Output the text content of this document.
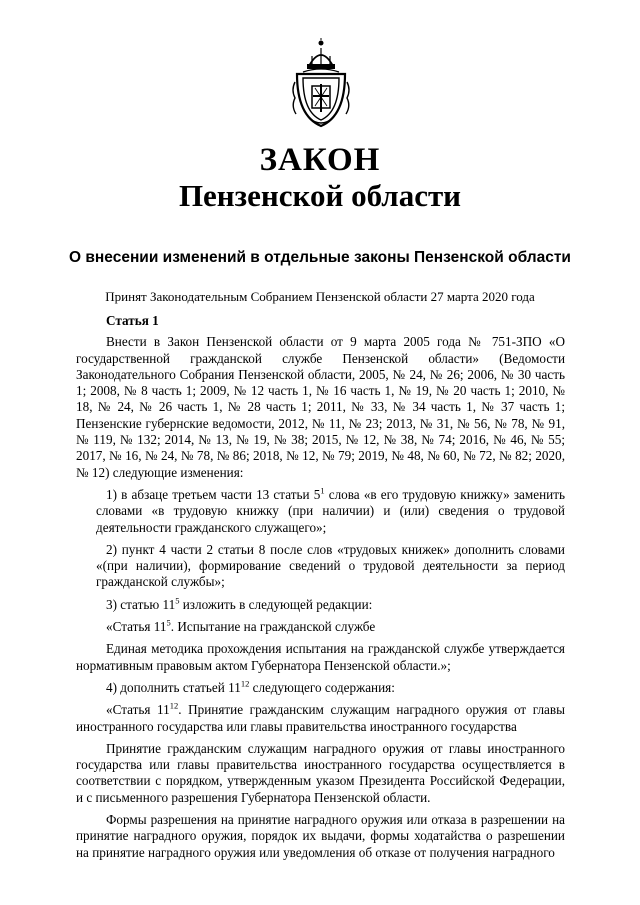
ЗАКОН
Пензенской области
О внесении изменений в отдельные законы Пензенской области
Принят Законодательным Собранием Пензенской области 27 марта 2020 года

Статья 1

Внести в Закон Пензенской области от 9 марта 2005 года № 751-ЗПО «О государственной гражданской службе Пензенской области» (Ведомости Законодательного Собрания Пензенской области, 2005, № 24, № 26; 2006, № 30 часть 1; 2008, № 8 часть 1; 2009, № 12 часть 1, № 16 часть 1, № 19, № 20 часть 1; 2010, № 18, № 24, № 26 часть 1, № 28 часть 1; 2011, № 33, № 34 часть 1, № 37 часть 1; Пензенские губернские ведомости, 2012, № 11, № 23; 2013, № 31, № 56, № 78, № 91, № 119, № 132; 2014, № 13, № 19, № 38; 2015, № 12, № 38, № 74; 2016, № 46, № 55; 2017, № 16, № 24, № 78, № 86; 2018, № 12, № 79; 2019, № 48, № 60, № 72, № 82; 2020, № 12) следующие изменения:

1) в абзаце третьем части 13 статьи $5^1$ слова «в его трудовую книжку» заменить словами «в трудовую книжку (при наличии) и (или) сведения о трудовой деятельности гражданского служащего»;

2) пункт 4 части 2 статьи 8 после слов «трудовых книжек» дополнить словами «(при наличии), формирование сведений о трудовой деятельности за период гражданской службы»;

3) статью $11^5$ изложить в следующей редакции:

«Статья $11^5$. Испытание на гражданской службе

Единая методика прохождения испытания на гражданской службе утверждается нормативным правовым актом Губернатора Пензенской области.»;

4) дополнить статьей $11^{12}$ следующего содержания:

«Статья $11^{12}$. Принятие гражданским служащим наградного оружия от главы иностранного государства или главы правительства иностранного государства

Принятие гражданским служащим наградного оружия от главы иностранного государства или главы правительства иностранного государства осуществляется в соответствии с порядком, утвержденным указом Президента Российской Федерации, и с письменного разрешения Губернатора Пензенской области.

Формы разрешения на принятие наградного оружия или отказа в разрешении на принятие наградного оружия, порядок их выдачи, формы ходатайства о разрешении на принятие наградного оружия или уведомления об отказе от получения наградного
